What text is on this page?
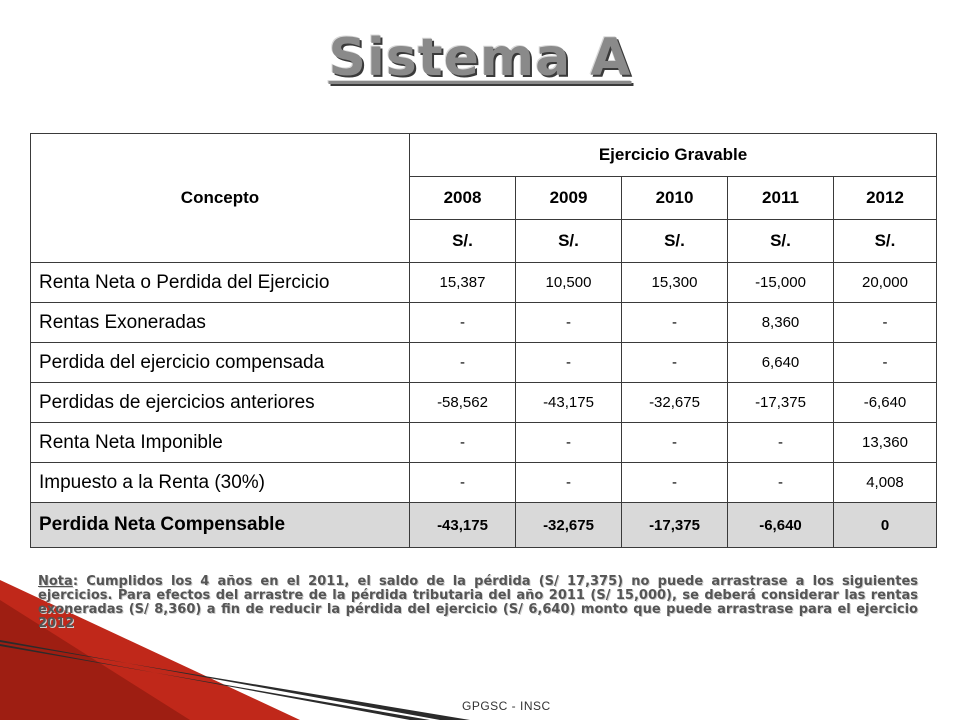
Sistema A
Concepto	Ejercicio Gravable				
	2008	2009	2010	2011	2012
	S/.	S/.	S/.	S/.	S/.
Renta Neta o Perdida del Ejercicio	15,387	10,500	15,300	-15,000	20,000
Rentas Exoneradas	-	-	-	8,360	-
Perdida del ejercicio compensada	-	-	-	6,640	-
Perdidas de ejercicios anteriores	-58,562	-43,175	-32,675	-17,375	-6,640
Renta Neta Imponible	-	-	-	-	13,360
Impuesto a la Renta (30%)	-	-	-	-	4,008
Perdida Neta Compensable	-43,175	-32,675	-17,375	-6,640	0
Nota: Cumplidos los 4 años en el 2011, el saldo de la pérdida (S/ 17,375) no puede arrastrase a los siguientes ejercicios. Para efectos del arrastre de la pérdida tributaria del año 2011 (S/ 15,000), se deberá considerar las rentas exoneradas (S/ 8,360) a fin de reducir la pérdida del ejercicio (S/ 6,640) monto que puede arrastrase para el ejercicio 2012
GPGSC - INSC
